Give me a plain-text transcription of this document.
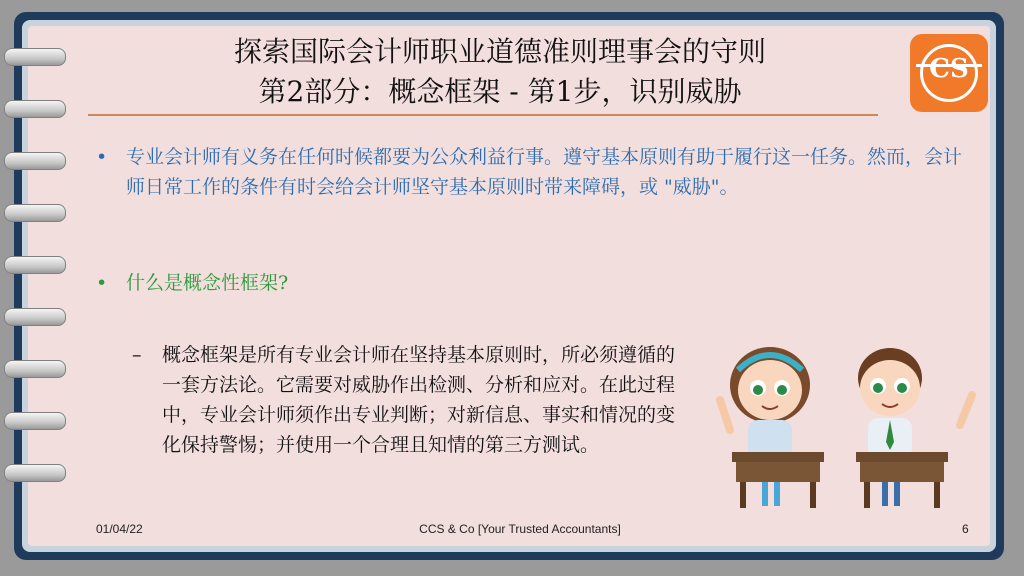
探索国际会计师职业道德准则理事会的守则
第2部分：概念框架 - 第1步，识别威胁
CS
• 专业会计师有义务在任何时候都要为公众利益行事。遵守基本原则有助于履行这一任务。然而，会计师日常工作的条件有时会给会计师坚守基本原则时带来障碍，或 "威胁"。
• 什么是概念性框架?
– 概念框架是所有专业会计师在坚持基本原则时，所必须遵循的一套方法论。它需要对威胁作出检测、分析和应对。在此过程中，专业会计师须作出专业判断；对新信息、事实和情况的变化保持警惕；并使用一个合理且知情的第三方测试。
01/04/22	CCS & Co [Your Trusted Accountants]	6
